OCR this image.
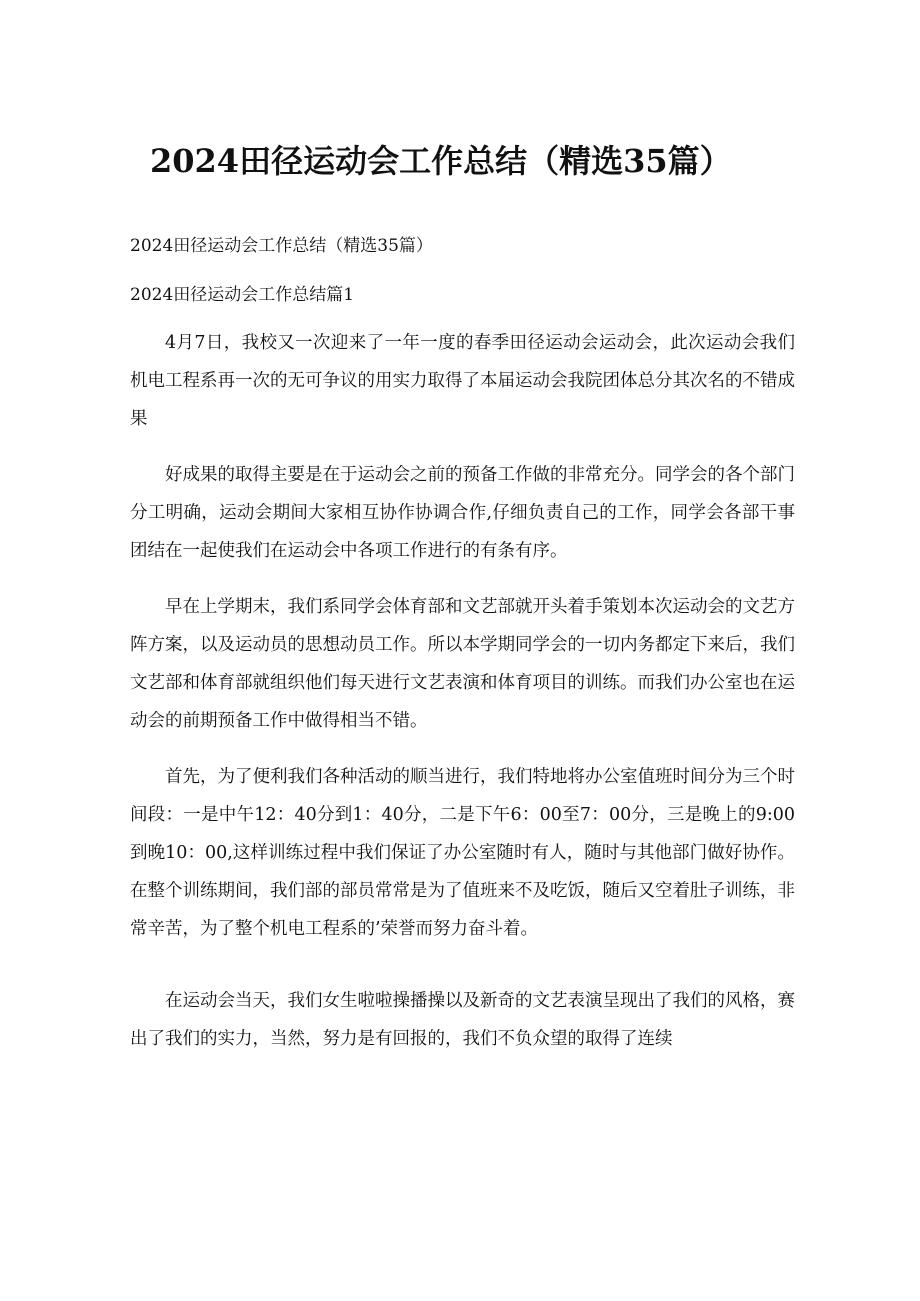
2024田径运动会工作总结（精选35篇）

2024田径运动会工作总结（精选35篇）

2024田径运动会工作总结篇1

4月7日，我校又一次迎来了一年一度的春季田径运动会运动会，此次运动会我们机电工程系再一次的无可争议的用实力取得了本届运动会我院团体总分其次名的不错成果

好成果的取得主要是在于运动会之前的预备工作做的非常充分。同学会的各个部门分工明确，运动会期间大家相互协作协调合作,仔细负责自己的工作，同学会各部干事团结在一起使我们在运动会中各项工作进行的有条有序。

早在上学期末，我们系同学会体育部和文艺部就开头着手策划本次运动会的文艺方阵方案，以及运动员的思想动员工作。所以本学期同学会的一切内务都定下来后，我们文艺部和体育部就组织他们每天进行文艺表演和体育项目的训练。而我们办公室也在运动会的前期预备工作中做得相当不错。

首先，为了便利我们各种活动的顺当进行，我们特地将办公室值班时间分为三个时间段：一是中午12：40分到1：40分，二是下午6：00至7：00分，三是晚上的9:00到晚10：00,这样训练过程中我们保证了办公室随时有人，随时与其他部门做好协作。在整个训练期间，我们部的部员常常是为了值班来不及吃饭，随后又空着肚子训练，非常辛苦，为了整个机电工程系的’荣誉而努力奋斗着。

在运动会当天，我们女生啦啦操播操以及新奇的文艺表演呈现出了我们的风格，赛出了我们的实力，当然，努力是有回报的，我们不负众望的取得了连续
